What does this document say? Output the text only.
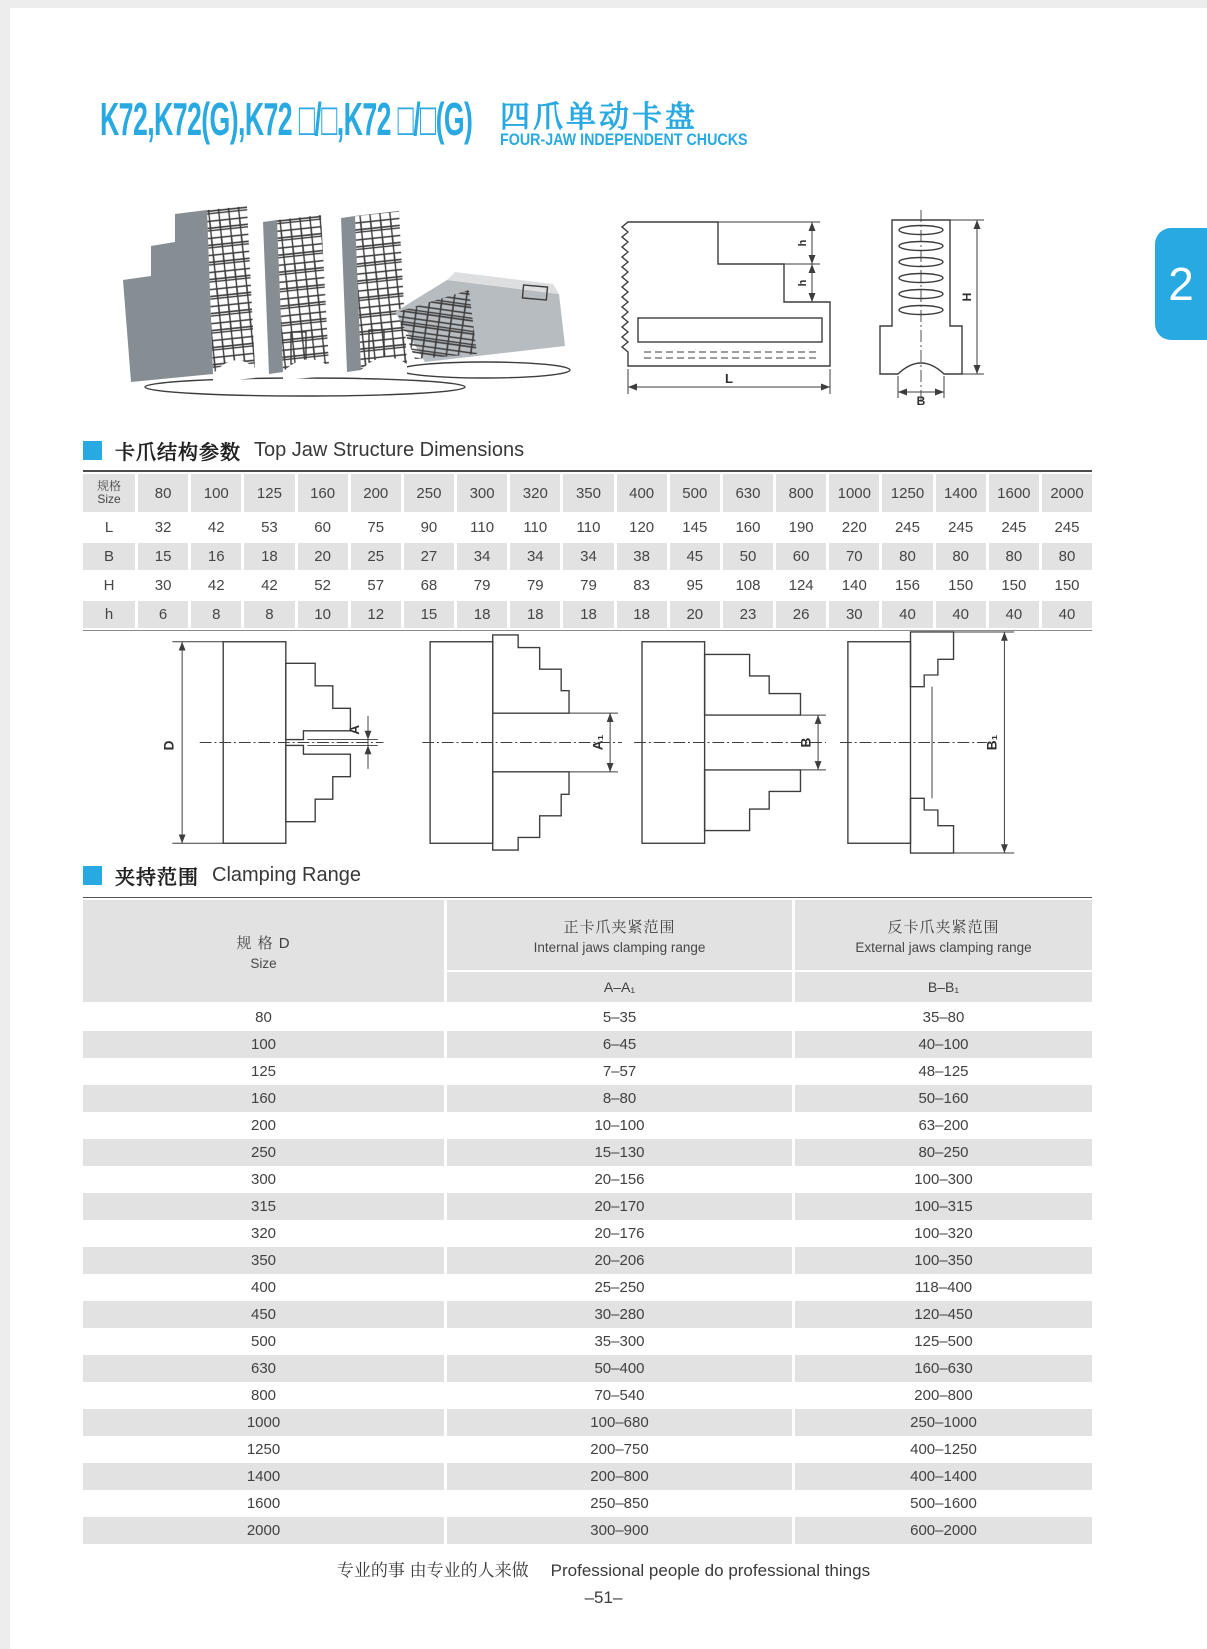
K72,K72(G),K72 □/□,K72 □/□(G) 四爪单动卡盘
FOUR-JAW INDEPENDENT CHUCKS
2
L
h
h
H
B
卡爪结构参数 Top Jaw Structure Dimensions
规格
Size	80	100	125	160	200	250	300	320	350	400	500	630	800	1000	1250	1400	1600	2000
L	32	42	53	60	75	90	110	110	110	120	145	160	190	220	245	245	245	245
B	15	16	18	20	25	27	34	34	34	38	45	50	60	70	80	80	80	80
H	30	42	42	52	57	68	79	79	79	83	95	108	124	140	156	150	150	150
h	6	8	8	10	12	15	18	18	18	18	20	23	26	30	40	40	40	40
D
A
A₁	B	B₁
夹持范围 Clamping Range
规 格 D
Size
正卡爪夹紧范围
Internal jaws clamping range
A–A₁
反卡爪夹紧范围
External jaws clamping range
B–B₁
80	5–35	35–80
100	6–45	40–100
125	7–57	48–125
160	8–80	50–160
200	10–100	63–200
250	15–130	80–250
300	20–156	100–300
315	20–170	100–315
320	20–176	100–320
350	20–206	100–350
400	25–250	118–400
450	30–280	120–450
500	35–300	125–500
630	50–400	160–630
800	70–540	200–800
1000	100–680	250–1000
1250	200–750	400–1250
1400	200–800	400–1400
1600	250–850	500–1600
2000	300–900	600–2000
专业的事 由专业的人来做 Professional people do professional things
–51–
